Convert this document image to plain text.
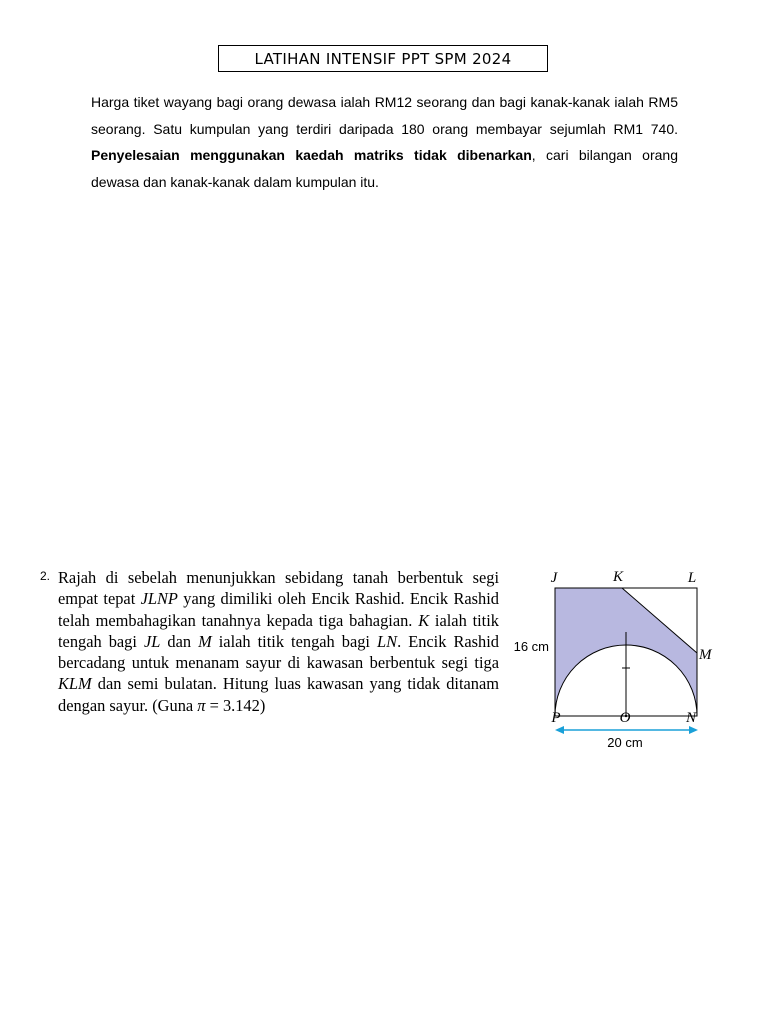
LATIHAN INTENSIF PPT SPM 2024
Harga tiket wayang bagi orang dewasa ialah RM12 seorang dan bagi kanak-kanak ialah RM5 seorang. Satu kumpulan yang terdiri daripada 180 orang membayar sejumlah RM1 740. Penyelesaian menggunakan kaedah matriks tidak dibenarkan, cari bilangan orang dewasa dan kanak-kanak dalam kumpulan itu.
2. Rajah di sebelah menunjukkan sebidang tanah berbentuk segi empat tepat JLNP yang dimiliki oleh Encik Rashid. Encik Rashid telah membahagikan tanahnya kepada tiga bahagian. K ialah titik tengah bagi JL dan M ialah titik tengah bagi LN. Encik Rashid bercadang untuk menanam sayur di kawasan berbentuk segi tiga KLM dan semi bulatan. Hitung luas kawasan yang tidak ditanam dengan sayur. (Guna π = 3.142)
J	K	L
M
P	O	N
16 cm
20 cm
